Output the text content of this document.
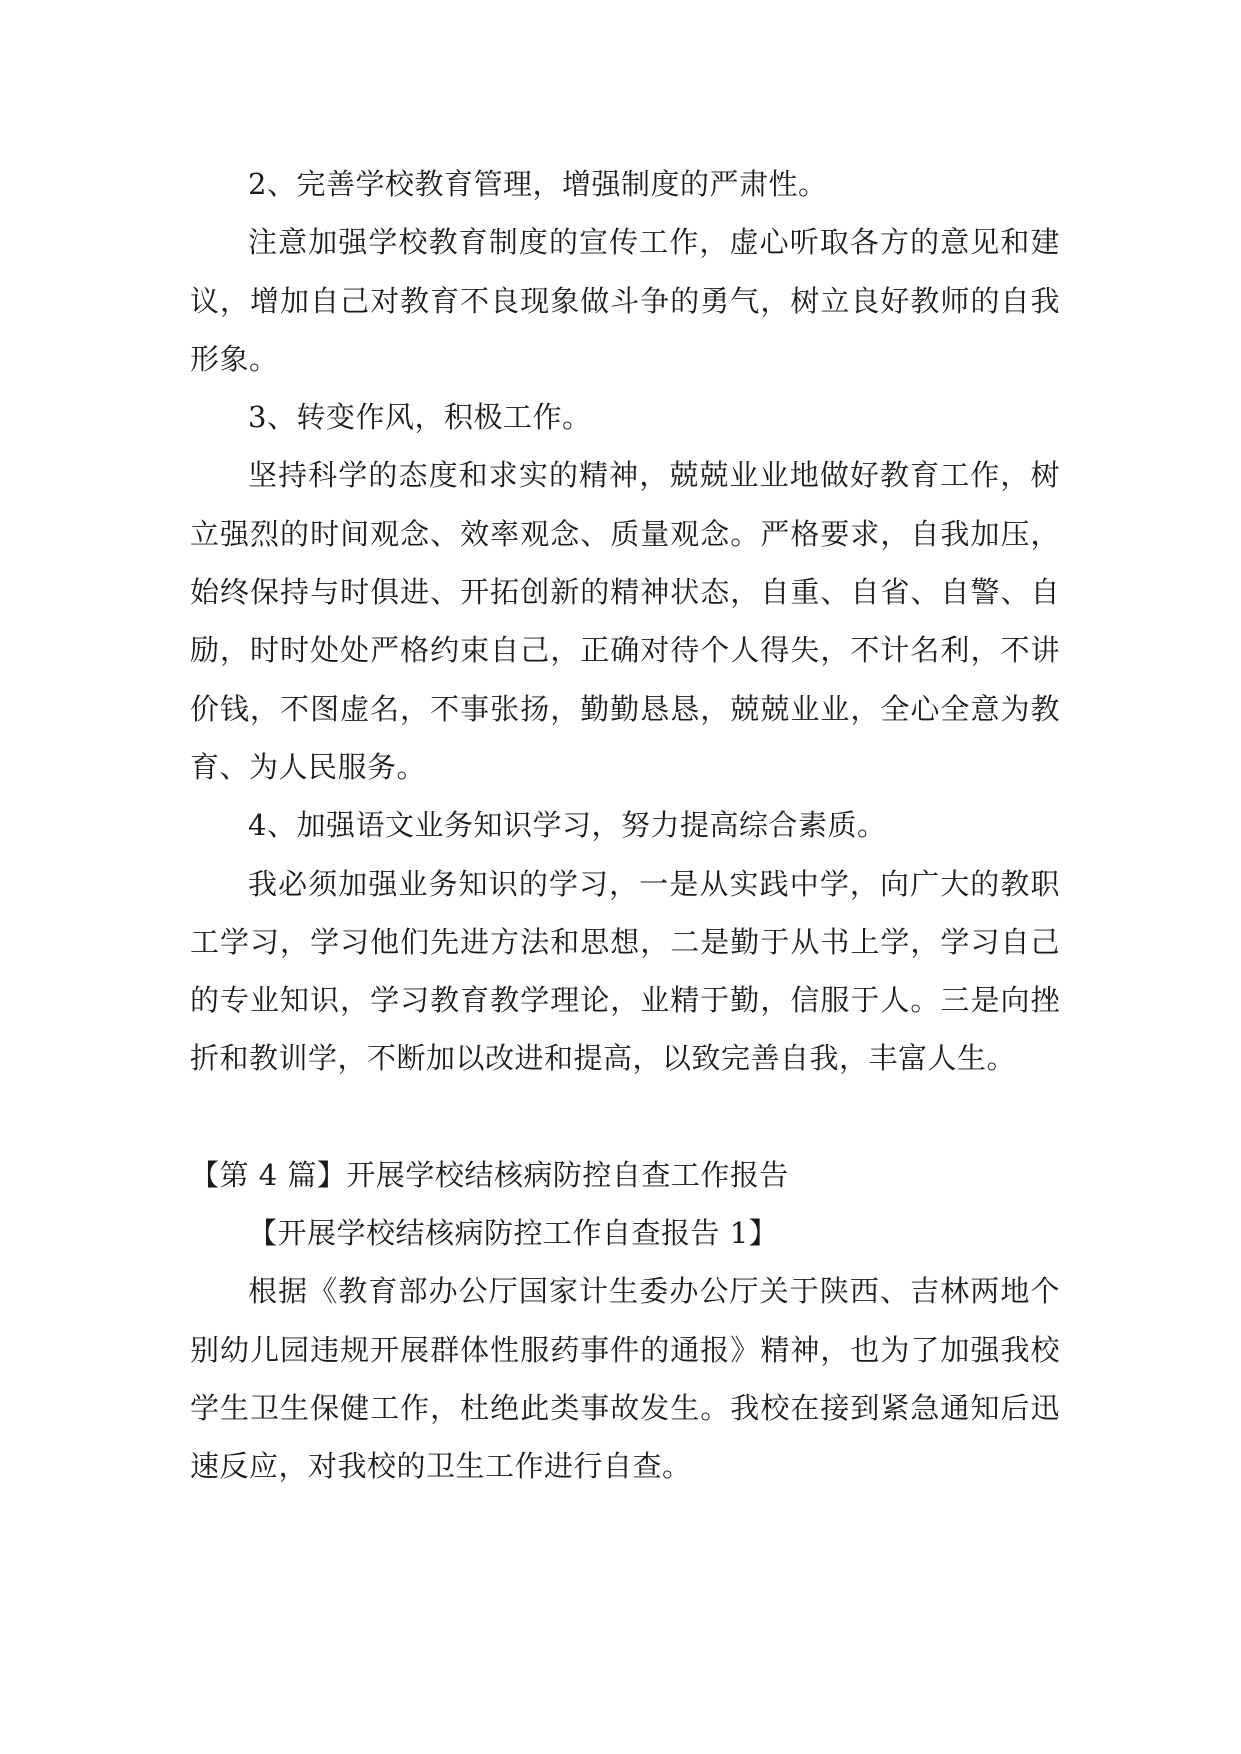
2、完善学校教育管理，增强制度的严肃性。

注意加强学校教育制度的宣传工作，虚心听取各方的意见和建议，增加自己对教育不良现象做斗争的勇气，树立良好教师的自我形象。

3、转变作风，积极工作。

坚持科学的态度和求实的精神，兢兢业业地做好教育工作，树立强烈的时间观念、效率观念、质量观念。严格要求，自我加压，始终保持与时俱进、开拓创新的精神状态，自重、自省、自警、自励，时时处处严格约束自己，正确对待个人得失，不计名利，不讲价钱，不图虚名，不事张扬，勤勤恳恳，兢兢业业，全心全意为教育、为人民服务。

4、加强语文业务知识学习，努力提高综合素质。

我必须加强业务知识的学习，一是从实践中学，向广大的教职工学习，学习他们先进方法和思想，二是勤于从书上学，学习自己的专业知识，学习教育教学理论，业精于勤，信服于人。三是向挫折和教训学，不断加以改进和提高，以致完善自我，丰富人生。

【第 4 篇】开展学校结核病防控自查工作报告

【开展学校结核病防控工作自查报告 1】

根据《教育部办公厅国家计生委办公厅关于陕西、吉林两地个别幼儿园违规开展群体性服药事件的通报》精神，也为了加强我校学生卫生保健工作，杜绝此类事故发生。我校在接到紧急通知后迅速反应，对我校的卫生工作进行自查。
